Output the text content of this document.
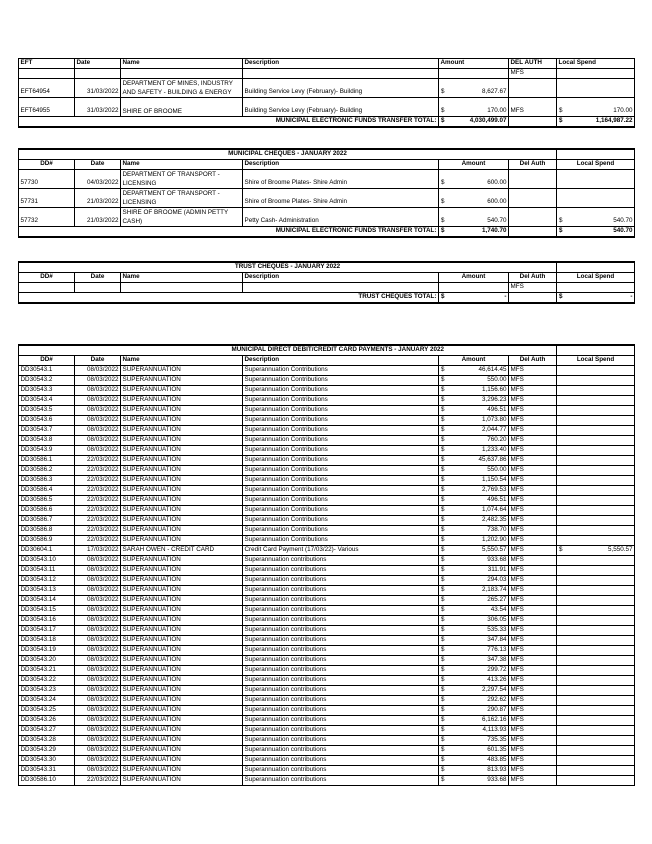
EFT	Date	Name	Description	Amount	DEL AUTH	Local Spend
					MFS	
EFT64954	31/03/2022	DEPARTMENT OF MINES, INDUSTRY
AND SAFETY - BUILDING & ENERGY	Building Service Levy (February)- Building	$ 8,627.67		
EFT64955	31/03/2022	SHIRE OF BROOME	Building Service Levy (February)- Building	$ 170.00	MFS	$ 170.00
MUNICIPAL ELECTRONIC FUNDS TRANSFER TOTAL:				$ 4,030,499.07		$ 1,164,987.22
MUNICIPAL CHEQUES - JANUARY 2022						
DD#	Date	Name	Description	Amount	Del Auth	Local Spend
57730	04/03/2022	DEPARTMENT OF TRANSPORT -
LICENSING	Shire of Broome Plates- Shire Admin	$ 600.00		
57731	21/03/2022	DEPARTMENT OF TRANSPORT -
LICENSING	Shire of Broome Plates- Shire Admin	$ 600.00		
57732	21/03/2022	SHIRE OF BROOME (ADMIN PETTY
CASH)	Petty Cash- Administration	$ 540.70		$ 540.70
MUNICIPAL ELECTRONIC FUNDS TRANSFER TOTAL:				$ 1,740.70		$ 540.70
TRUST CHEQUES - JANUARY 2022						
DD#	Date	Name	Description	Amount	Del Auth	Local Spend
					MFS	
TRUST CHEQUES TOTAL:				$ -		$ -
MUNICIPAL DIRECT DEBIT/CREDIT CARD PAYMENTS - JANUARY 2022						
DD#	Date	Name	Description	Amount	Del Auth	Local Spend
DD30543.1	08/03/2022	SUPERANNUATION	Superannuation Contributions	$ 46,614.45	MFS	
DD30543.2	08/03/2022	SUPERANNUATION	Superannuation Contributions	$ 550.00	MFS	
DD30543.3	08/03/2022	SUPERANNUATION	Superannuation Contributions	$ 1,156.60	MFS	
DD30543.4	08/03/2022	SUPERANNUATION	Superannuation Contributions	$ 3,296.23	MFS	
DD30543.5	08/03/2022	SUPERANNUATION	Superannuation Contributions	$ 496.51	MFS	
DD30543.6	08/03/2022	SUPERANNUATION	Superannuation Contributions	$ 1,073.80	MFS	
DD30543.7	08/03/2022	SUPERANNUATION	Superannuation Contributions	$ 2,044.77	MFS	
DD30543.8	08/03/2022	SUPERANNUATION	Superannuation Contributions	$ 760.20	MFS	
DD30543.9	08/03/2022	SUPERANNUATION	Superannuation Contributions	$ 1,233.40	MFS	
DD30586.1	22/03/2022	SUPERANNUATION	Superannuation Contributions	$ 45,637.86	MFS	
DD30586.2	22/03/2022	SUPERANNUATION	Superannuation Contributions	$ 550.00	MFS	
DD30586.3	22/03/2022	SUPERANNUATION	Superannuation Contributions	$ 1,150.54	MFS	
DD30586.4	22/03/2022	SUPERANNUATION	Superannuation Contributions	$ 2,769.53	MFS	
DD30586.5	22/03/2022	SUPERANNUATION	Superannuation Contributions	$ 496.51	MFS	
DD30586.6	22/03/2022	SUPERANNUATION	Superannuation Contributions	$ 1,074.64	MFS	
DD30586.7	22/03/2022	SUPERANNUATION	Superannuation Contributions	$ 2,482.35	MFS	
DD30586.8	22/03/2022	SUPERANNUATION	Superannuation Contributions	$ 738.70	MFS	
DD30586.9	22/03/2022	SUPERANNUATION	Superannuation Contributions	$ 1,202.90	MFS	
DD30604.1	17/03/2022	SARAH OWEN - CREDIT CARD	Credit Card Payment (17/03/22)- Various	$ 5,550.57	MFS	$ 5,550.57
DD30543.10	08/03/2022	SUPERANNUATION	Superannuation contributions	$ 933.68	MFS	
DD30543.11	08/03/2022	SUPERANNUATION	Superannuation contributions	$ 311.91	MFS	
DD30543.12	08/03/2022	SUPERANNUATION	Superannuation contributions	$ 294.03	MFS	
DD30543.13	08/03/2022	SUPERANNUATION	Superannuation contributions	$ 2,183.74	MFS	
DD30543.14	08/03/2022	SUPERANNUATION	Superannuation contributions	$ 265.27	MFS	
DD30543.15	08/03/2022	SUPERANNUATION	Superannuation contributions	$ 43.54	MFS	
DD30543.16	08/03/2022	SUPERANNUATION	Superannuation contributions	$ 306.05	MFS	
DD30543.17	08/03/2022	SUPERANNUATION	Superannuation contributions	$ 535.33	MFS	
DD30543.18	08/03/2022	SUPERANNUATION	Superannuation contributions	$ 347.84	MFS	
DD30543.19	08/03/2022	SUPERANNUATION	Superannuation contributions	$ 776.13	MFS	
DD30543.20	08/03/2022	SUPERANNUATION	Superannuation contributions	$ 347.38	MFS	
DD30543.21	08/03/2022	SUPERANNUATION	Superannuation contributions	$ 299.72	MFS	
DD30543.22	08/03/2022	SUPERANNUATION	Superannuation contributions	$ 413.26	MFS	
DD30543.23	08/03/2022	SUPERANNUATION	Superannuation contributions	$ 2,297.54	MFS	
DD30543.24	08/03/2022	SUPERANNUATION	Superannuation contributions	$ 292.62	MFS	
DD30543.25	08/03/2022	SUPERANNUATION	Superannuation contributions	$ 290.87	MFS	
DD30543.26	08/03/2022	SUPERANNUATION	Superannuation contributions	$ 6,162.16	MFS	
DD30543.27	08/03/2022	SUPERANNUATION	Superannuation contributions	$ 4,113.93	MFS	
DD30543.28	08/03/2022	SUPERANNUATION	Superannuation contributions	$ 735.35	MFS	
DD30543.29	08/03/2022	SUPERANNUATION	Superannuation contributions	$ 601.35	MFS	
DD30543.30	08/03/2022	SUPERANNUATION	Superannuation contributions	$ 483.85	MFS	
DD30543.31	08/03/2022	SUPERANNUATION	Superannuation contributions	$ 813.93	MFS	
DD30586.10	22/03/2022	SUPERANNUATION	Superannuation contributions	$ 933.68	MFS	
